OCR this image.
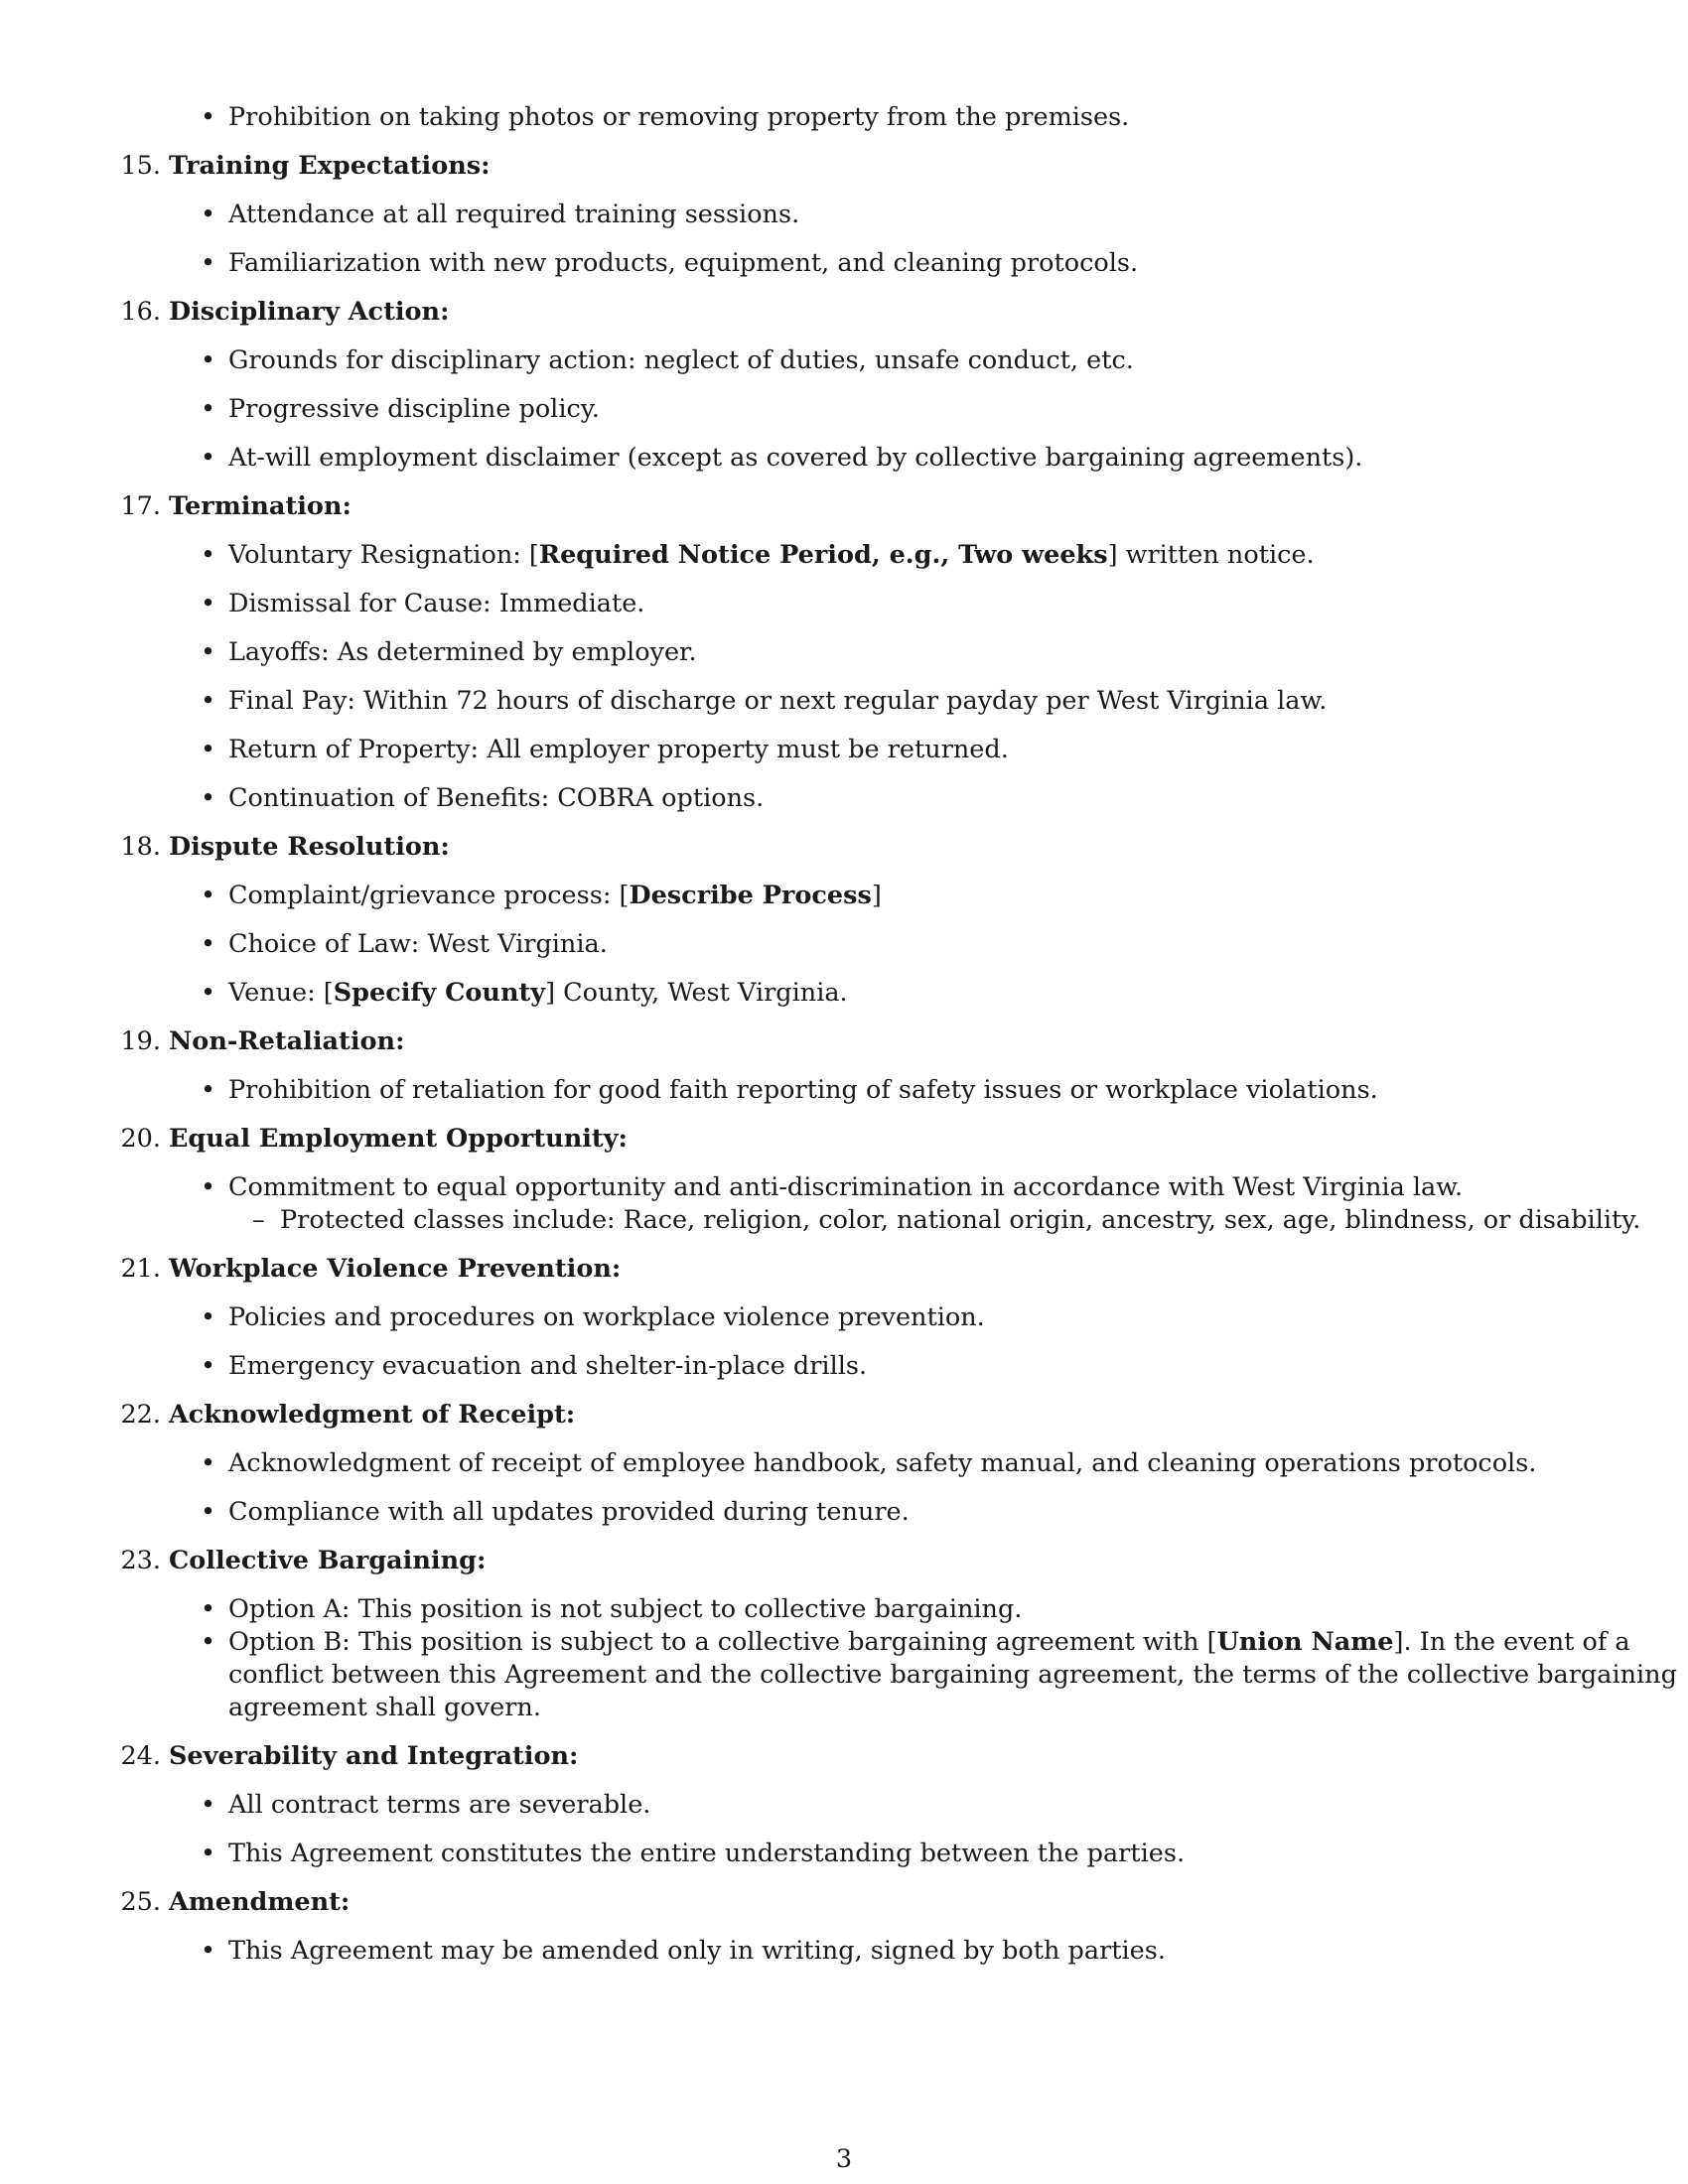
• Prohibition on taking photos or removing property from the premises.
15. Training Expectations:
• Attendance at all required training sessions.
• Familiarization with new products, equipment, and cleaning protocols.
16. Disciplinary Action:
• Grounds for disciplinary action: neglect of duties, unsafe conduct, etc.
• Progressive discipline policy.
• At-will employment disclaimer (except as covered by collective bargaining agreements).
17. Termination:
• Voluntary Resignation: [Required Notice Period, e.g., Two weeks] written notice.
• Dismissal for Cause: Immediate.
• Layoffs: As determined by employer.
• Final Pay: Within 72 hours of discharge or next regular payday per West Virginia law.
• Return of Property: All employer property must be returned.
• Continuation of Benefits: COBRA options.
18. Dispute Resolution:
• Complaint/grievance process: [Describe Process]
• Choice of Law: West Virginia.
• Venue: [Specify County] County, West Virginia.
19. Non-Retaliation:
• Prohibition of retaliation for good faith reporting of safety issues or workplace violations.
20. Equal Employment Opportunity:
• Commitment to equal opportunity and anti-discrimination in accordance with West Virginia law.
– Protected classes include: Race, religion, color, national origin, ancestry, sex, age, blindness, or disability.
21. Workplace Violence Prevention:
• Policies and procedures on workplace violence prevention.
• Emergency evacuation and shelter-in-place drills.
22. Acknowledgment of Receipt:
• Acknowledgment of receipt of employee handbook, safety manual, and cleaning operations protocols.
• Compliance with all updates provided during tenure.
23. Collective Bargaining:
• Option A: This position is not subject to collective bargaining.
• Option B: This position is subject to a collective bargaining agreement with [Union Name]. In the event of a
conflict between this Agreement and the collective bargaining agreement, the terms of the collective bargaining
agreement shall govern.
24. Severability and Integration:
• All contract terms are severable.
• This Agreement constitutes the entire understanding between the parties.
25. Amendment:
• This Agreement may be amended only in writing, signed by both parties.
3
